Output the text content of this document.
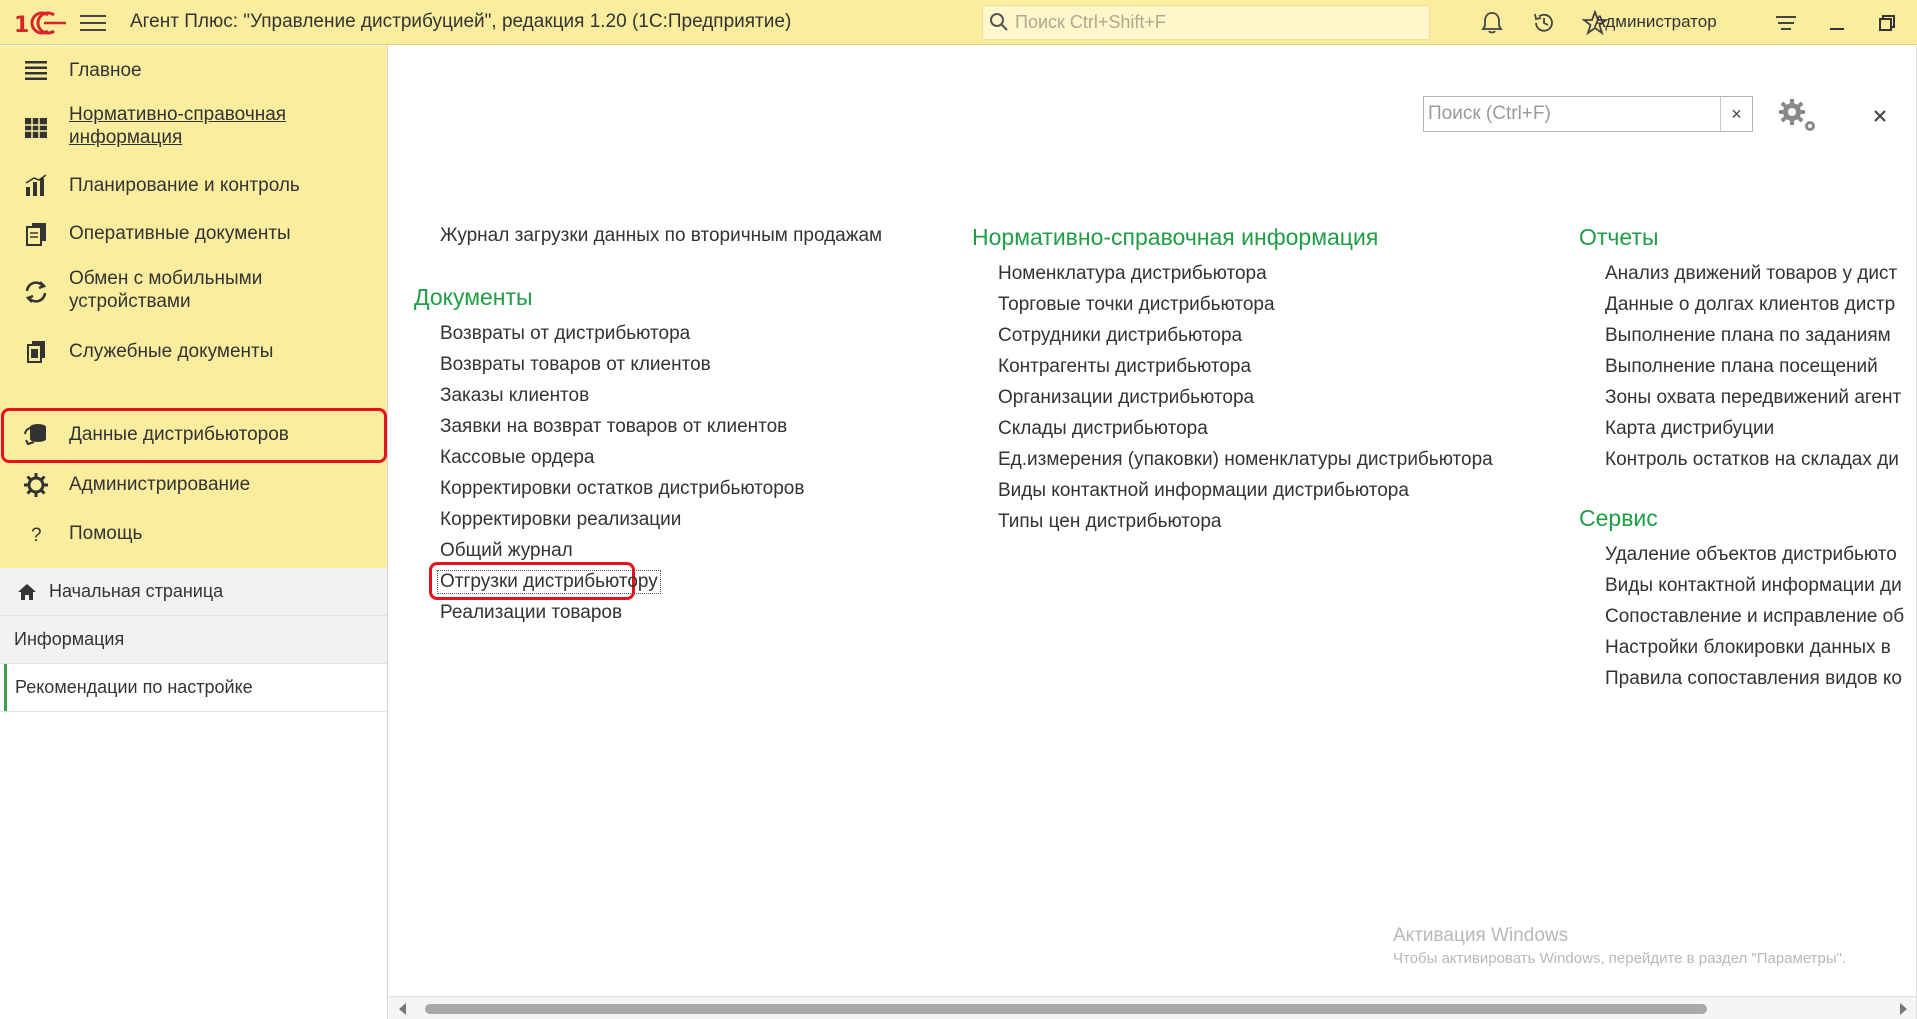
1	Агент Плюс: "Управление дистрибуцией", редакция 1.20 (1С:Предприятие)
Поиск Ctrl+Shift+F	Администратор
Главное
Нормативно-справочная информация
Планирование и контроль
Оперативные документы
Обмен с мобильными устройствами
Служебные документы
Данные дистрибьюторов
Администрирование
? Помощь
Начальная страница
Информация
Рекомендации по настройке
Поиск (Ctrl+F)
×
Журнал загрузки данных по вторичным продажам
Документы
Возвраты от дистрибьютора
Возвраты товаров от клиентов
Заказы клиентов
Заявки на возврат товаров от клиентов
Кассовые ордера
Корректировки остатков дистрибьюторов
Корректировки реализации
Общий журнал
Отгрузки дистрибьютору
Реализации товаров
Нормативно-справочная информация
Номенклатура дистрибьютора
Торговые точки дистрибьютора
Сотрудники дистрибьютора
Контрагенты дистрибьютора
Организации дистрибьютора
Склады дистрибьютора
Ед.измерения (упаковки) номенклатуры дистрибьютора
Виды контактной информации дистрибьютора
Типы цен дистрибьютора
Отчеты
Анализ движений товаров у дист
Данные о долгах клиентов дистр
Выполнение плана по заданиям
Выполнение плана посещений
Зоны охвата передвижений агент
Карта дистрибуции
Контроль остатков на складах ди
Сервис
Удаление объектов дистрибьюто
Виды контактной информации ди
Сопоставление и исправление об
Настройки блокировки данных в
Правила сопоставления видов ко
Активация Windows
Чтобы активировать Windows, перейдите в раздел "Параметры".
